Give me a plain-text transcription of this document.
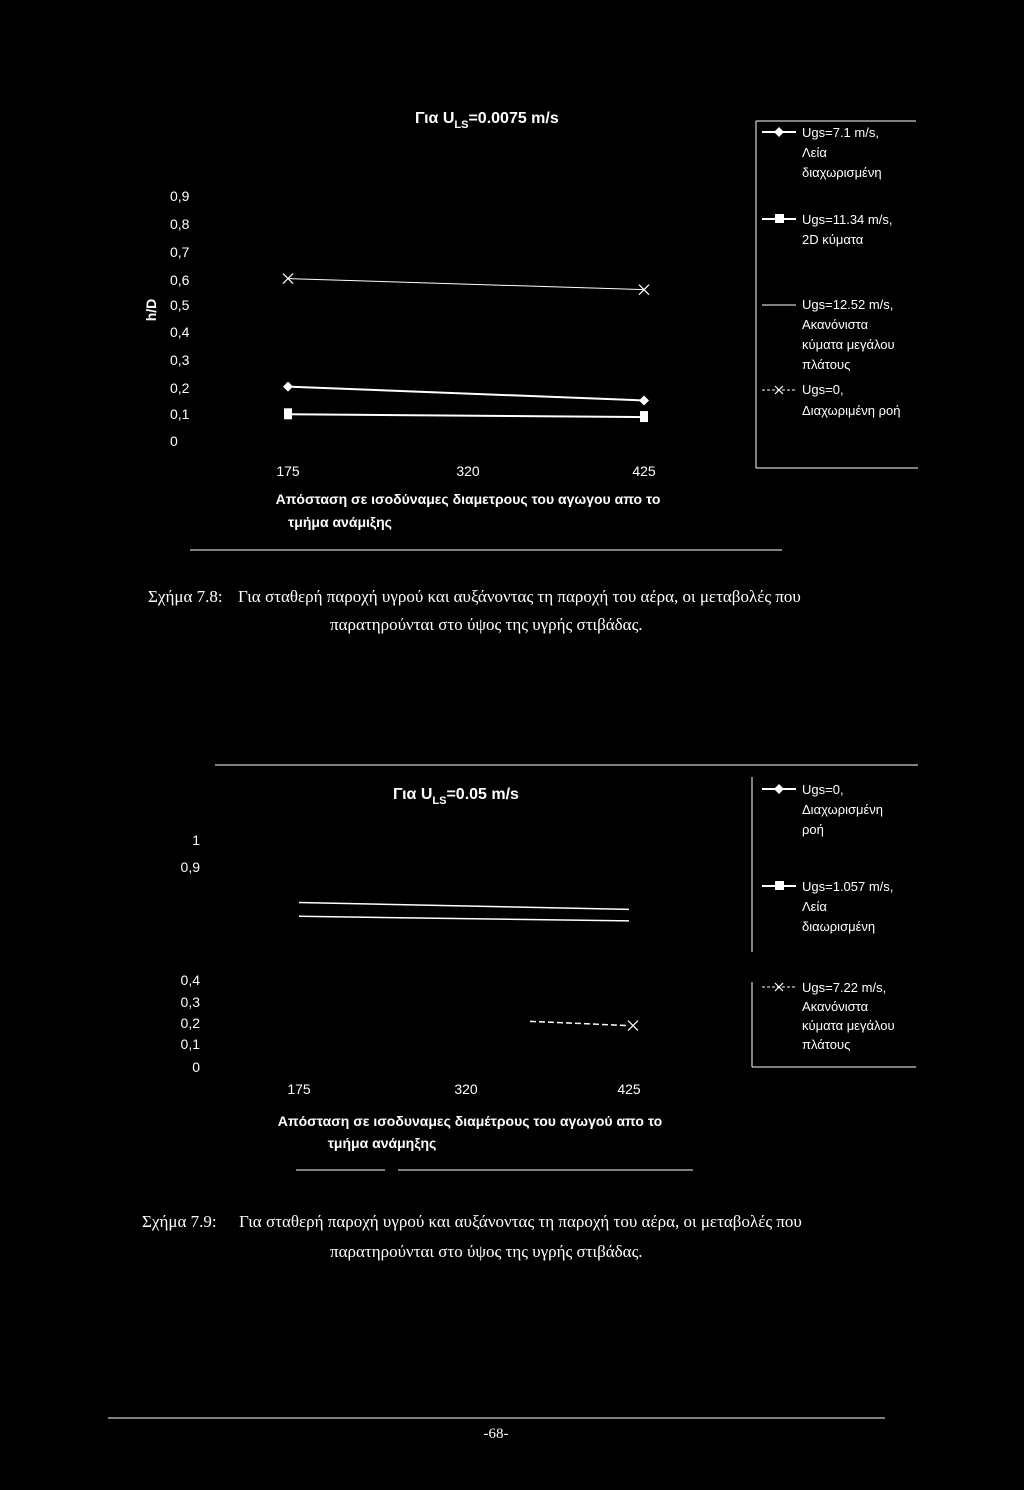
Για $U_{LS}=0.0075$ m/s
h/D
0,9
0,8
0,7
0,6
0,5
0,4
0,3
0,2
0,1
0
175	320	425
Απόσταση σε ισοδύναμες διαμετρους του αγωγου απο το
τμήμα ανάμιξης
Ugs=7.1 m/s,
Λεία
διαχωρισμένη
Ugs=11.34 m/s,
2D κύματα
Ugs=12.52 m/s,
Ακανόνιστα
κύματα μεγάλου
πλάτους
Ugs=0,
Διαχωριμένη ροή
Σχήμα 7.8: Για σταθερή παροχή υγρού και αυξάνοντας τη παροχή του αέρα, οι μεταβολές που
παρατηρούνται στο ύψος της υγρής στιβάδας.
Για $U_{LS}=0.05$ m/s
1
0,9
0,4
0,3
0,2
0,1
0
175	320	425
Απόσταση σε ισοδυναμες διαμέτρους του αγωγού απο το
τμήμα ανάμηξης
Ugs=0,
Διαχωρισμένη
ροή
Ugs=1.057 m/s,
Λεία
διαωρισμένη
Ugs=7.22 m/s,
Ακανόνιστα
κύματα μεγάλου
πλάτους
Σχήμα 7.9: Για σταθερή παροχή υγρού και αυξάνοντας τη παροχή του αέρα, οι μεταβολές που
παρατηρούνται στο ύψος της υγρής στιβάδας.
-68-
